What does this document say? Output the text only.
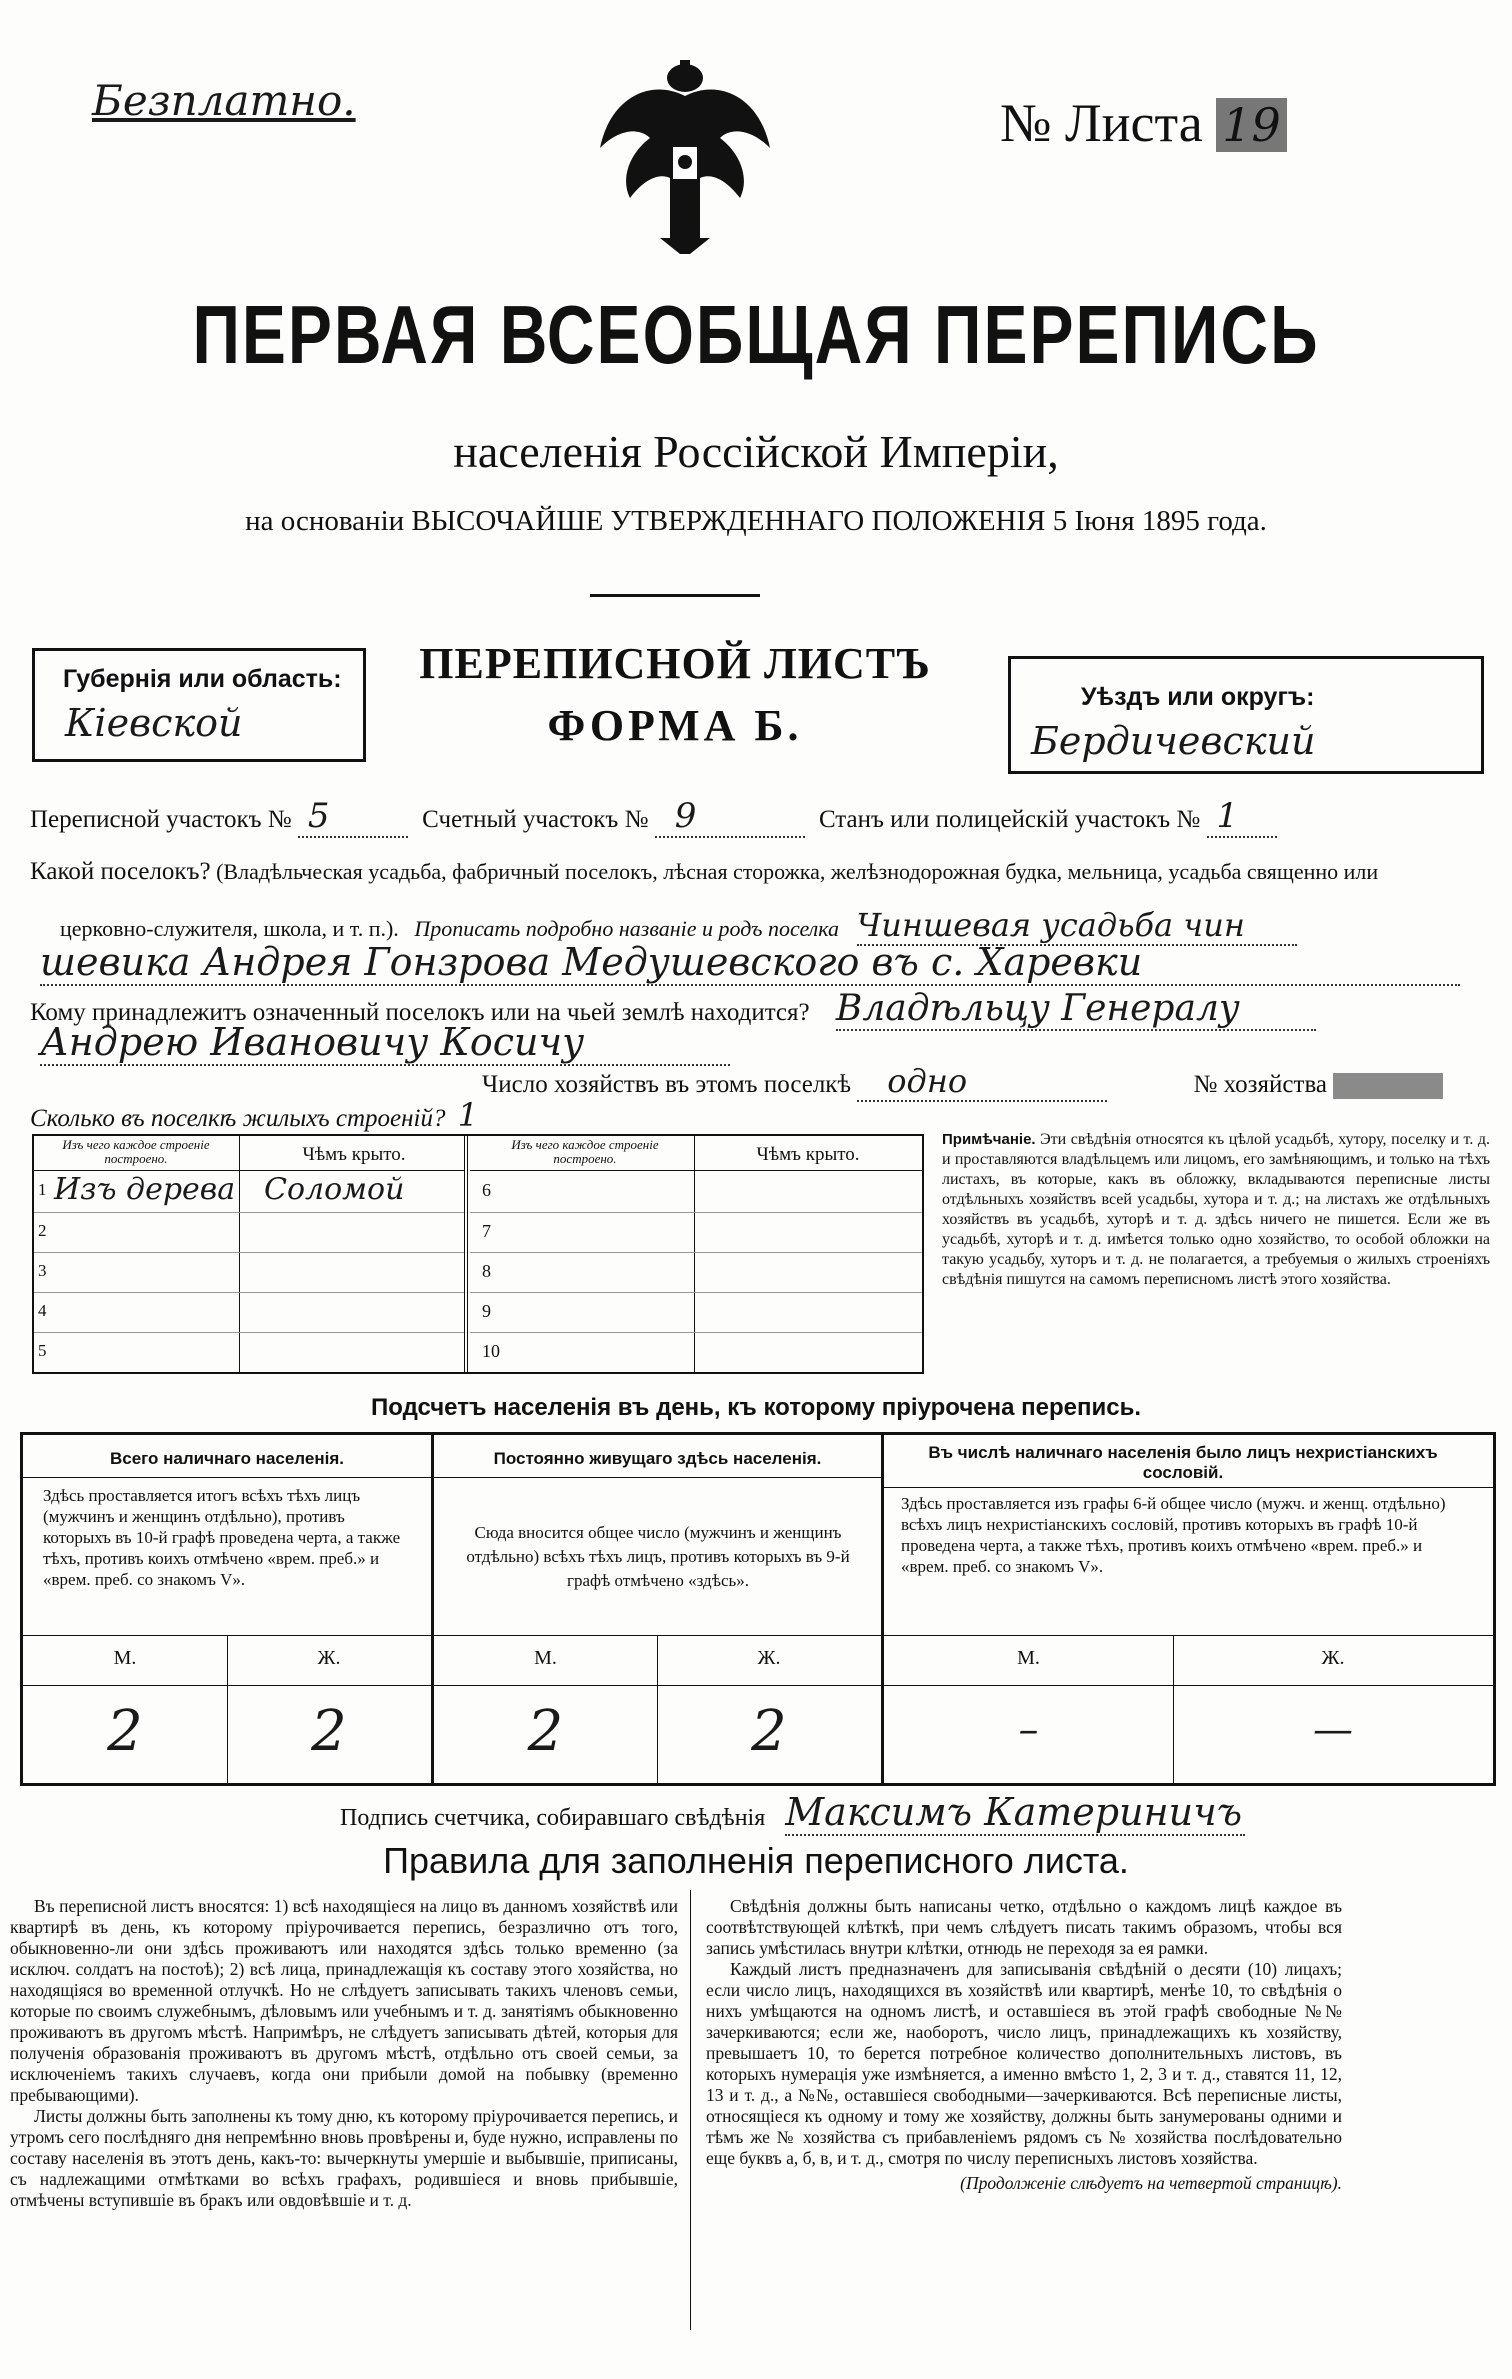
Безплатно.	№ Листа 19
ПЕРВАЯ ВСЕОБЩАЯ ПЕРЕПИСЬ
населенія Россійской Имперіи,
на основаніи ВЫСОЧАЙШЕ УТВЕРЖДЕННАГО ПОЛОЖЕНІЯ 5 Іюня 1895 года.
Губернія или область:
Кіевской
ПЕРЕПИСНОЙ ЛИСТЪ
ФОРМА Б.
Уѣздъ или округъ:
Бердичевский
Переписной участокъ № 5	Счетный участокъ № 9	Станъ или полицейскій участокъ № 1
Какой поселокъ? (Владѣльческая усадьба, фабричный поселокъ, лѣсная сторожка, желѣзнодорожная будка, мельница, усадьба священно или
церковно-служителя, школа, и т. п.). Прописать подробно названіе и родъ поселка Чиншевая усадьба чин
шевика Андрея Гонзрова Медушевского въ с. Харевки
Кому принадлежитъ означенный поселокъ или на чьей землѣ находится? Владѣльцу Генералу
Андрею Ивановичу Косичу
Число хозяйствъ въ этомъ поселкѣ одно	№ хозяйства
Сколько въ поселкѣ жилыхъ строеній? 1
Изъ чего каждое строеніе построено.	Чѣмъ крыто.
1 Изъ дерева Соломой
2
3
4
5
Изъ чего каждое строеніе построено.	Чѣмъ крыто.
6
7
8
9
10
Примѣчаніе. Эти свѣдѣнія относятся къ цѣлой усадьбѣ, хутору, поселку и т. д. и проставляются владѣльцемъ или лицомъ, его замѣняющимъ, и только на тѣхъ листахъ, въ которые, какъ въ обложку, вкладываются переписные листы отдѣльныхъ хозяйствъ всей усадьбы, хутора и т. д.; на листахъ же отдѣльныхъ хозяйствъ въ усадьбѣ, хуторѣ и т. д. здѣсь ничего не пишется. Если же въ усадьбѣ, хуторѣ и т. д. имѣется только одно хозяйство, то особой обложки на такую усадьбу, хуторъ и т. д. не полагается, а требуемыя о жилыхъ строеніяхъ свѣдѣнія пишутся на самомъ переписномъ листѣ этого хозяйства.
Подсчетъ населенія въ день, къ которому пріурочена перепись.
Всего наличнаго населенія.
Здѣсь проставляется итогъ всѣхъ тѣхъ лицъ (мужчинъ и женщинъ отдѣльно), противъ которыхъ въ 10-й графѣ проведена черта, а также тѣхъ, противъ коихъ отмѣчено «врем. преб.» и «врем. преб. со знакомъ V».
Постоянно живущаго здѣсь населенія.
Сюда вносится общее число (мужчинъ и женщинъ отдѣльно) всѣхъ тѣхъ лицъ, противъ которыхъ въ 9-й графѣ отмѣчено «здѣсь».
Въ числѣ наличнаго населенія было лицъ нехристіанскихъ сословій.
Здѣсь проставляется изъ графы 6-й общее число (мужч. и женщ. отдѣльно) всѣхъ лицъ нехристіанскихъ сословій, противъ которыхъ въ графѣ 10-й проведена черта, а также тѣхъ, противъ коихъ отмѣчено «врем. преб.» и «врем. преб. со знакомъ V».
М.	Ж.	М.	Ж.	М.	Ж.
2	2	2	2	–	—
Подпись счетчика, собиравшаго свѣдѣнія Максимъ Катериничъ
Правила для заполненія переписного листа.
Въ переписной листъ вносятся: 1) всѣ находящіеся на лицо въ данномъ хозяйствѣ или квартирѣ въ день, къ которому пріурочивается перепись, безразлично отъ того, обыкновенно-ли они здѣсь проживаютъ или находятся здѣсь только временно (за исключ. солдатъ на постоѣ); 2) всѣ лица, принадлежащія къ составу этого хозяйства, но находящіяся во временной отлучкѣ. Но не слѣдуетъ записывать такихъ членовъ семьи, которые по своимъ служебнымъ, дѣловымъ или учебнымъ и т. д. занятіямъ обыкновенно проживаютъ въ другомъ мѣстѣ. Напримѣръ, не слѣдуетъ записывать дѣтей, которыя для полученія образованія проживаютъ въ другомъ мѣстѣ, отдѣльно отъ своей семьи, за исключеніемъ такихъ случаевъ, когда они прибыли домой на побывку (временно пребывающими).
Листы должны быть заполнены къ тому дню, къ которому пріурочивается перепись, и утромъ сего послѣдняго дня непремѣнно вновь провѣрены и, буде нужно, исправлены по составу населенія въ этотъ день, какъ-то: вычеркнуты умершіе и выбывшіе, приписаны, съ надлежащими отмѣтками во всѣхъ графахъ, родившіеся и вновь прибывшіе, отмѣчены вступившіе въ бракъ или овдовѣвшіе и т. д.
Свѣдѣнія должны быть написаны четко, отдѣльно о каждомъ лицѣ каждое въ соотвѣтствующей клѣткѣ, при чемъ слѣдуетъ писать такимъ образомъ, чтобы вся запись умѣстилась внутри клѣтки, отнюдь не переходя за ея рамки.
Каждый листъ предназначенъ для записыванія свѣдѣній о десяти (10) лицахъ; если число лицъ, находящихся въ хозяйствѣ или квартирѣ, менѣе 10, то свѣдѣнія о нихъ умѣщаются на одномъ листѣ, и оставшіеся въ этой графѣ свободные №№ зачеркиваются; если же, наоборотъ, число лицъ, принадлежащихъ къ хозяйству, превышаетъ 10, то берется потребное количество дополнительныхъ листовъ, въ которыхъ нумерація уже измѣняется, а именно вмѣсто 1, 2, 3 и т. д., ставятся 11, 12, 13 и т. д., а №№, оставшіеся свободными—зачеркиваются. Всѣ переписные листы, относящіеся къ одному и тому же хозяйству, должны быть занумерованы одними и тѣмъ же № хозяйства съ прибавленіемъ рядомъ съ № хозяйства послѣдовательно еще буквъ а, б, в, и т. д., смотря по числу переписныхъ листовъ хозяйства.
(Продолженіе слѣдуетъ на четвертой страницѣ).
